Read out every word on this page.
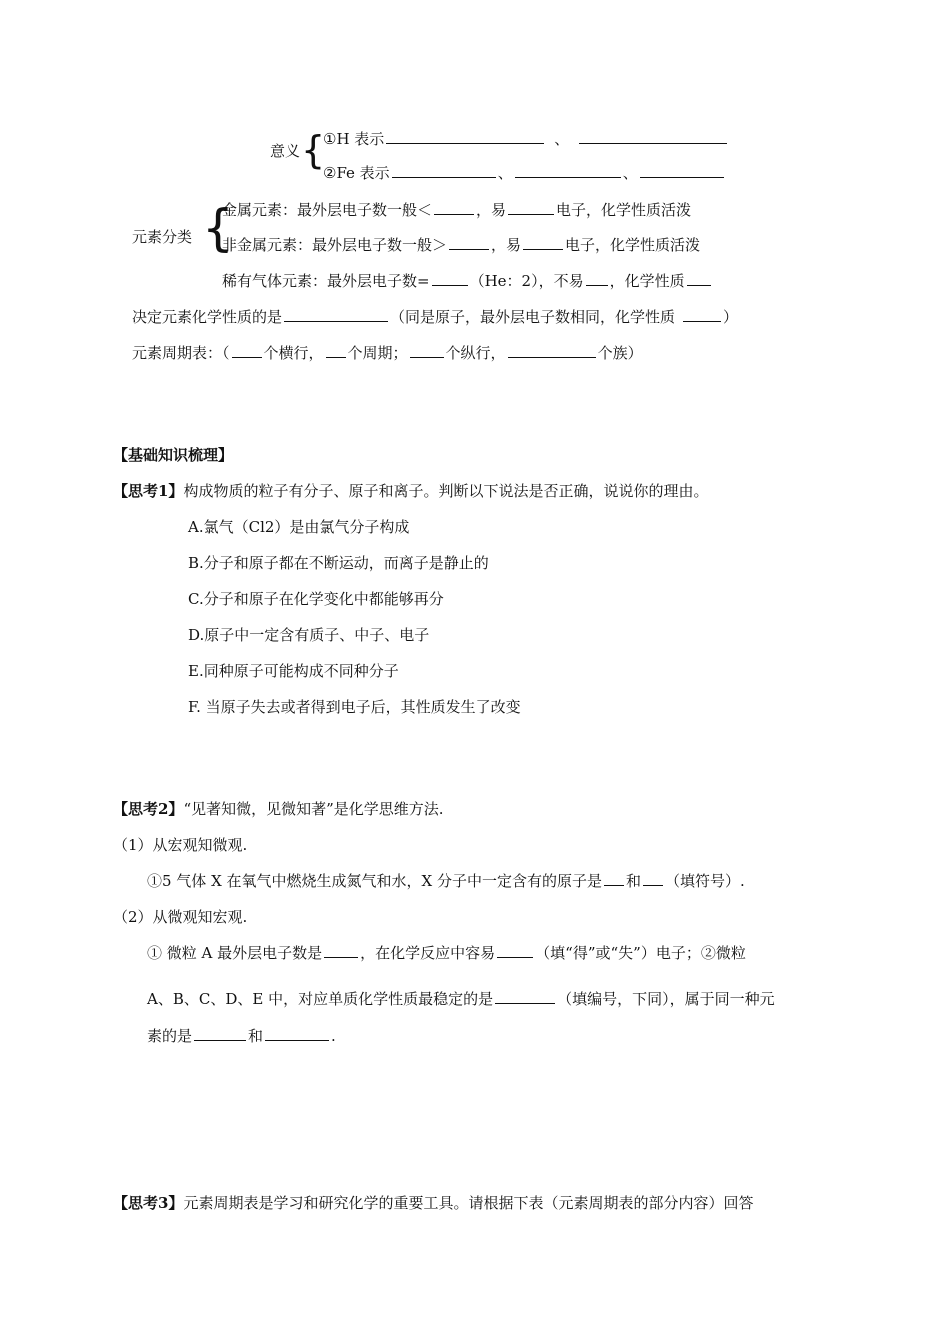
意义 {
①H 表示	、
②Fe 表示	、	、
元素分类 {
金属元素：最外层电子数一般＜	，易	电子，化学性质活泼
非金属元素：最外层电子数一般＞	，易	电子，化学性质活泼
稀有气体元素：最外层电子数=	（He：2），不易 ，化学性质
决定元素化学性质的是	（同是原子，最外层电子数相同，化学性质	）
元素周期表：（ 个横行， 个周期；	个纵行，	个族）
【基础知识梳理】
【思考1】构成物质的粒子有分子、原子和离子。判断以下说法是否正确，说说你的理由。
A.氯气（Cl2）是由氯气分子构成
B.分子和原子都在不断运动，而离子是静止的
C.分子和原子在化学变化中都能够再分
D.原子中一定含有质子、中子、电子
E.同种原子可能构成不同种分子
F. 当原子失去或者得到电子后，其性质发生了改变
【思考2】“见著知微，见微知著”是化学思维方法.
（1）从宏观知微观.
①5 气体 X 在氧气中燃烧生成氮气和水，X 分子中一定含有的原子是 和 （填符号）.
（2）从微观知宏观.
① 微粒 A 最外层电子数是	，在化学反应中容易	（填“得”或“失”）电子；②微粒
A、B、C、D、E 中，对应单质化学性质最稳定的是	（填编号，下同），属于同一种元
素的是	和	.
【思考3】元素周期表是学习和研究化学的重要工具。请根据下表（元素周期表的部分内容）回答
